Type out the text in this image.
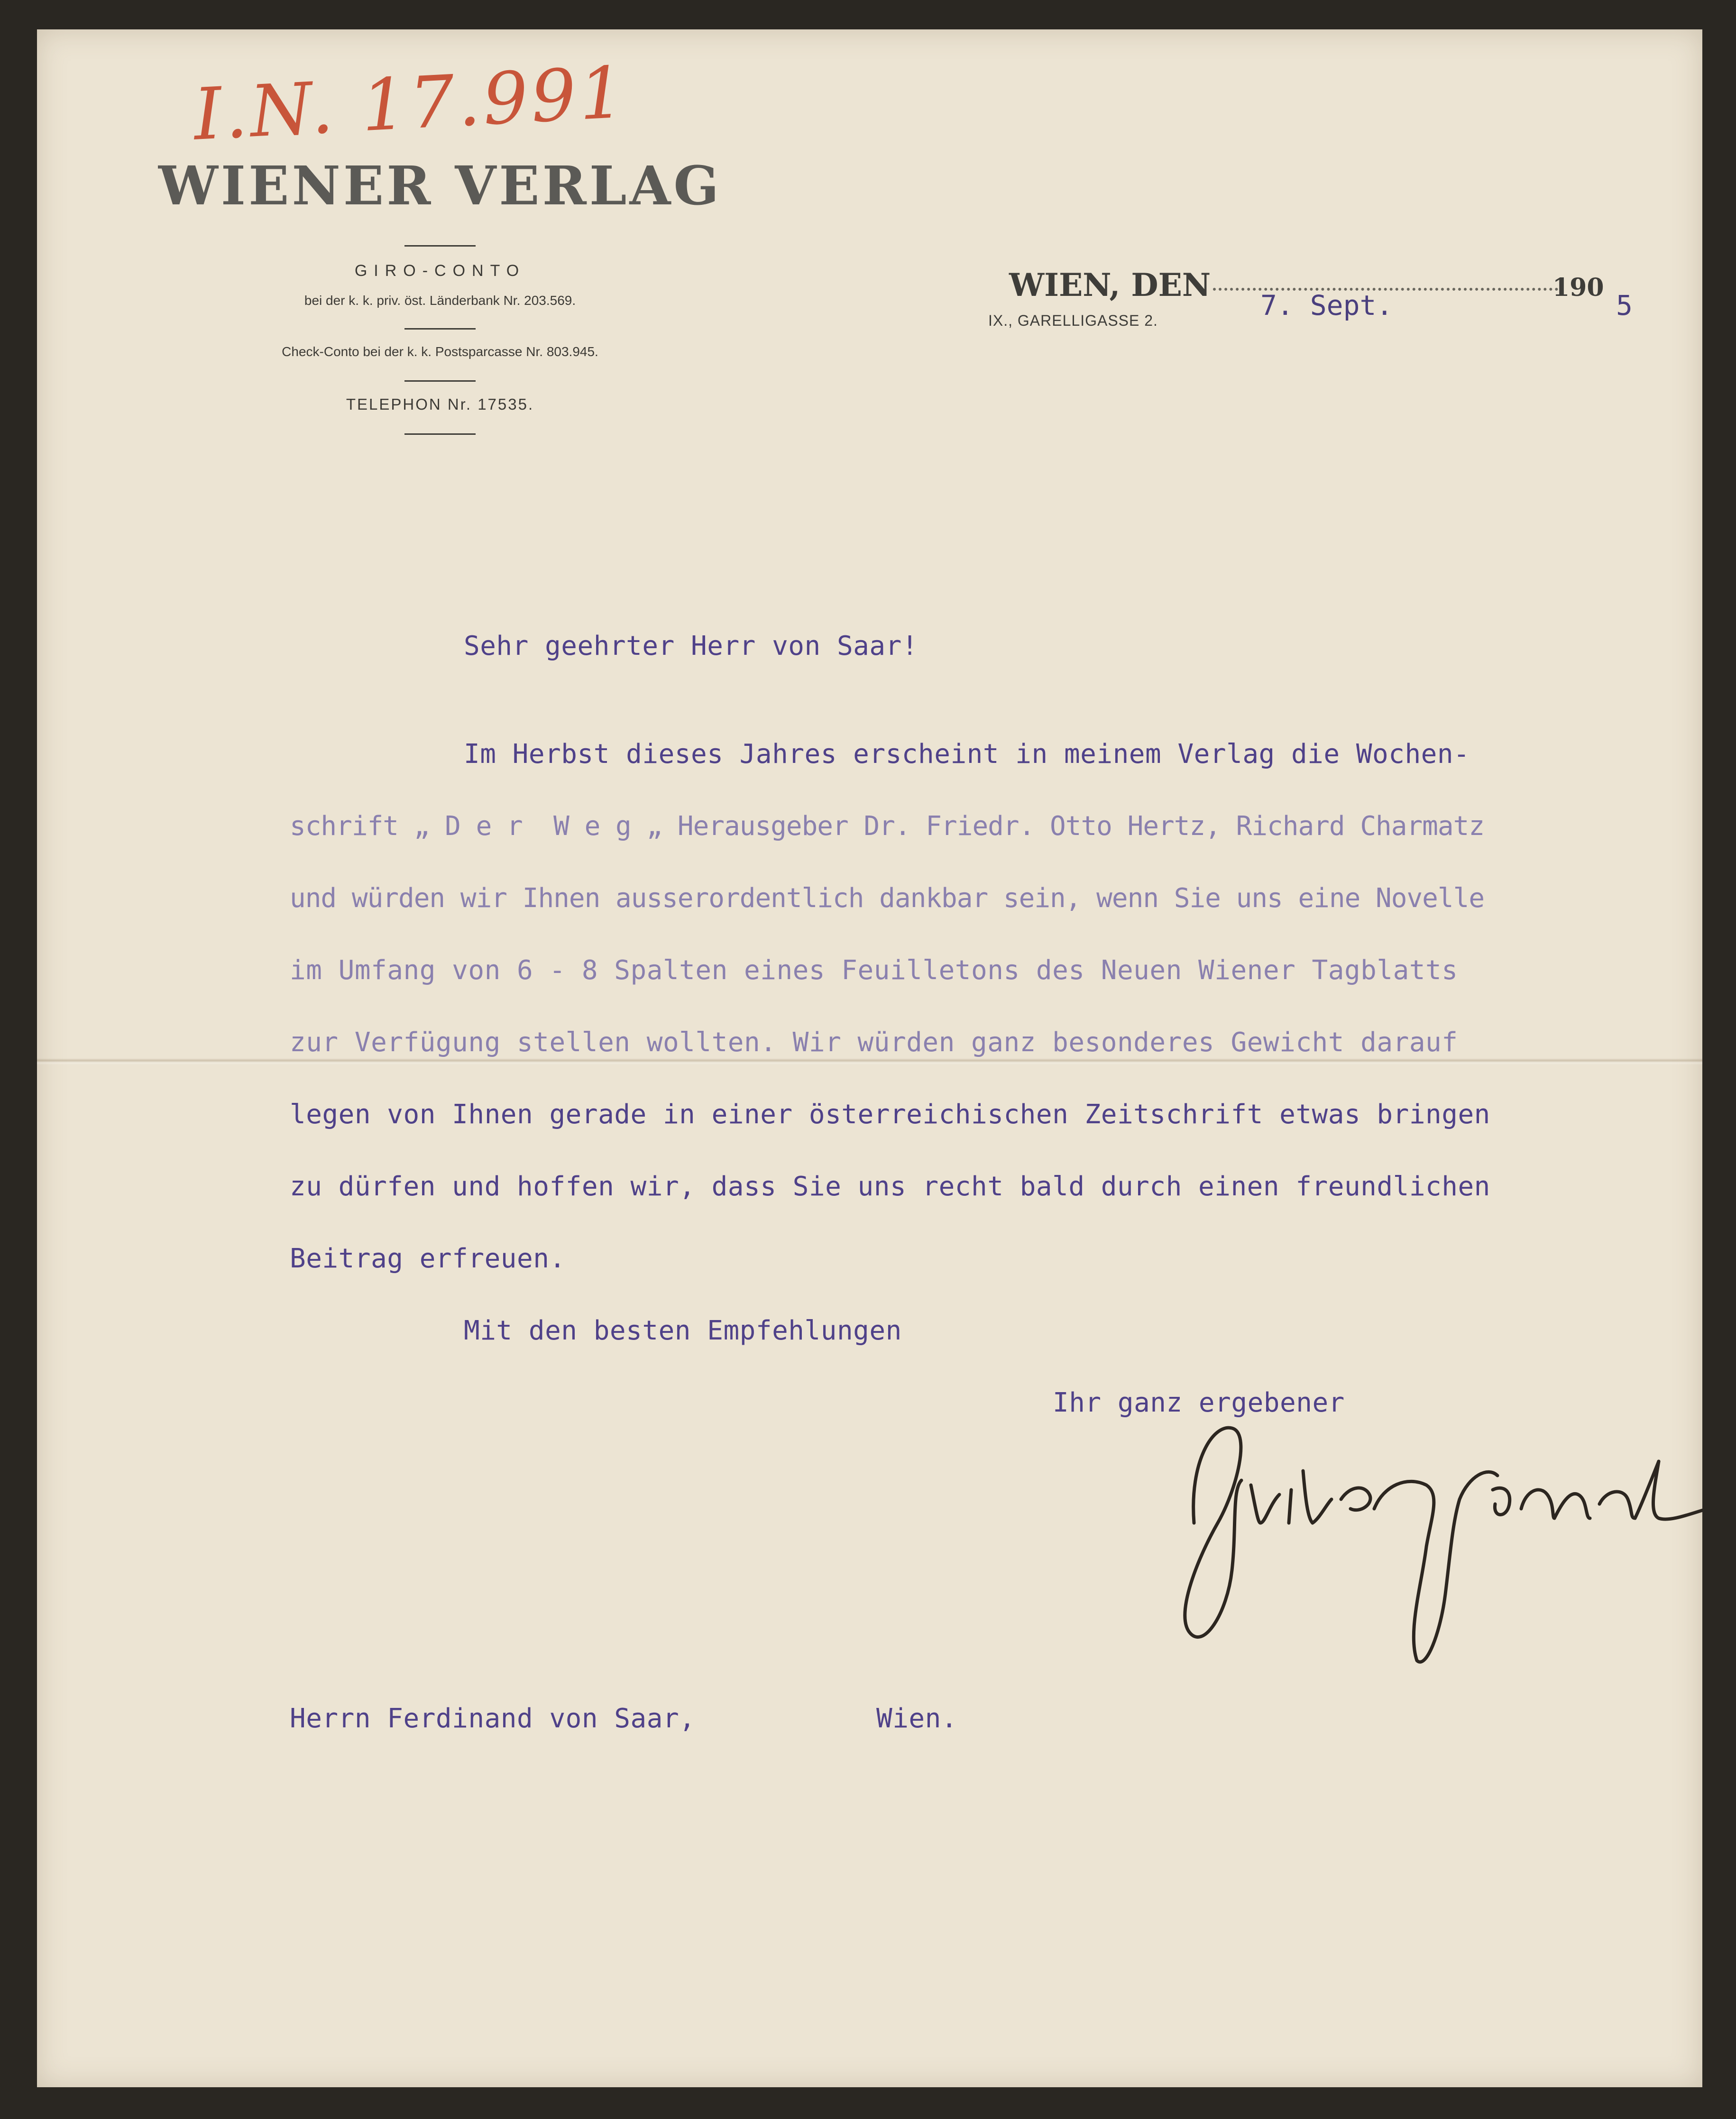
I.N. 17.991
WIENER VERLAG
GIRO-CONTO
bei der k. k. priv. öst. Länderbank Nr. 203.569.
Check-Conto bei der k. k. Postsparcasse Nr. 803.945.
TELEPHON Nr. 17535.
WIEN, DEN	190
IX., GARELLIGASSE 2.	7. Sept.	5
Sehr geehrter Herr von Saar!
Im Herbst dieses Jahres erscheint in meinem Verlag die Wochen-
schrift „ D e r  W e g „ Herausgeber Dr. Friedr. Otto Hertz, Richard Charmatz
und würden wir Ihnen ausserordentlich dankbar sein, wenn Sie uns eine Novelle
im Umfang von 6 - 8 Spalten eines Feuilletons des Neuen Wiener Tagblatts
zur Verfügung stellen wollten. Wir würden ganz besonderes Gewicht darauf
legen von Ihnen gerade in einer österreichischen Zeitschrift etwas bringen
zu dürfen und hoffen wir, dass Sie uns recht bald durch einen freundlichen
Beitrag erfreuen.
Mit den besten Empfehlungen
Ihr ganz ergebener
Herrn Ferdinand von Saar,	Wien.
